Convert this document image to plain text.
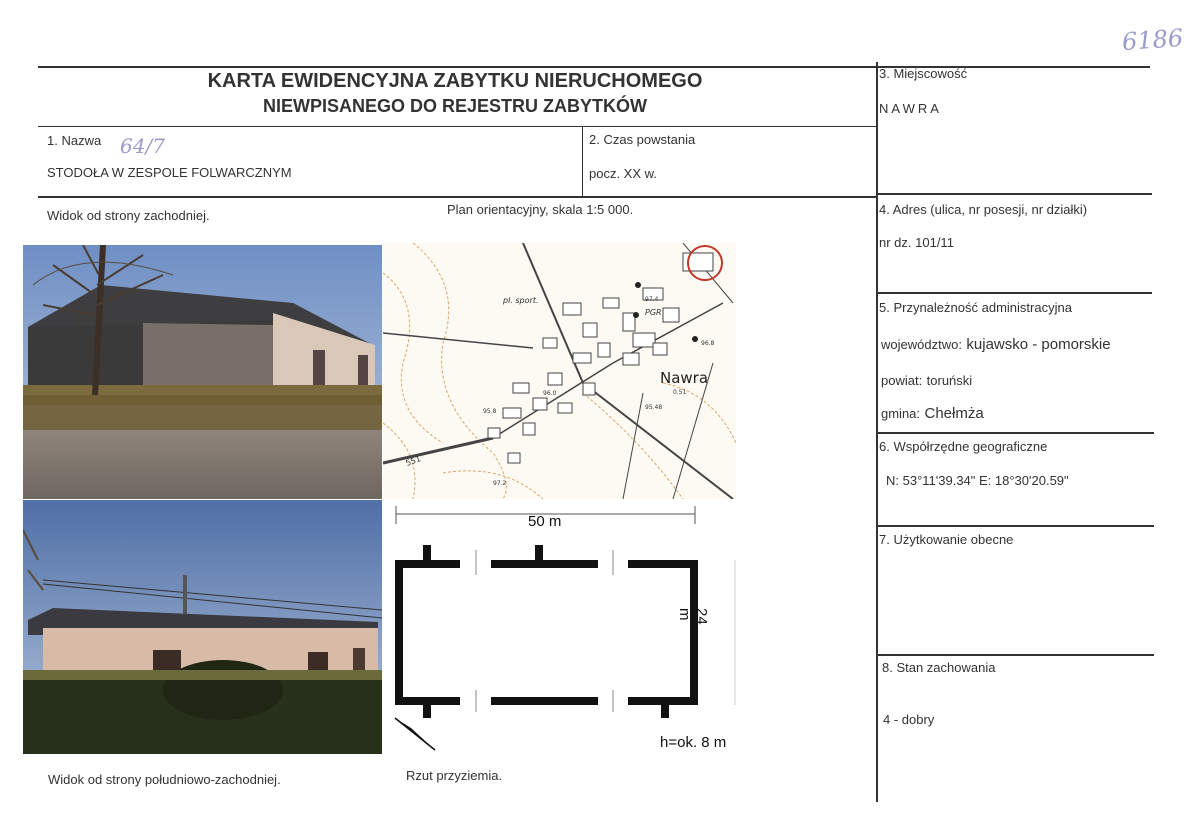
6186
KARTA EWIDENCYJNA ZABYTKU NIERUCHOMEGO
NIEWPISANEGO DO REJESTRU ZABYTKÓW
1. Nazwa 64/7
STODOŁA W ZESPOLE FOLWARCZNYM
2. Czas powstania
pocz. XX w.
3. Miejscowość
NAWRA
4. Adres (ulica, nr posesji, nr działki)
nr dz. 101/11
5. Przynależność administracyjna
województwo: kujawsko - pomorskie
powiat: toruński
gmina: Chełmża
6. Współrzędne geograficzne
N: 53°11'39.34" E: 18°30'20.59"
7. Użytkowanie obecne
8. Stan zachowania
4 - dobry
Widok od strony zachodniej.	Plan orientacyjny, skala 1:5 000.
Widok od strony południowo-zachodniej.	Rzut przyziemia.
pl. sport.
PGR
97.4
96.8
0.51
95.48
95.8
96.0
97.2
551
Nawra
50 m
24 m
h=ok. 8 m
